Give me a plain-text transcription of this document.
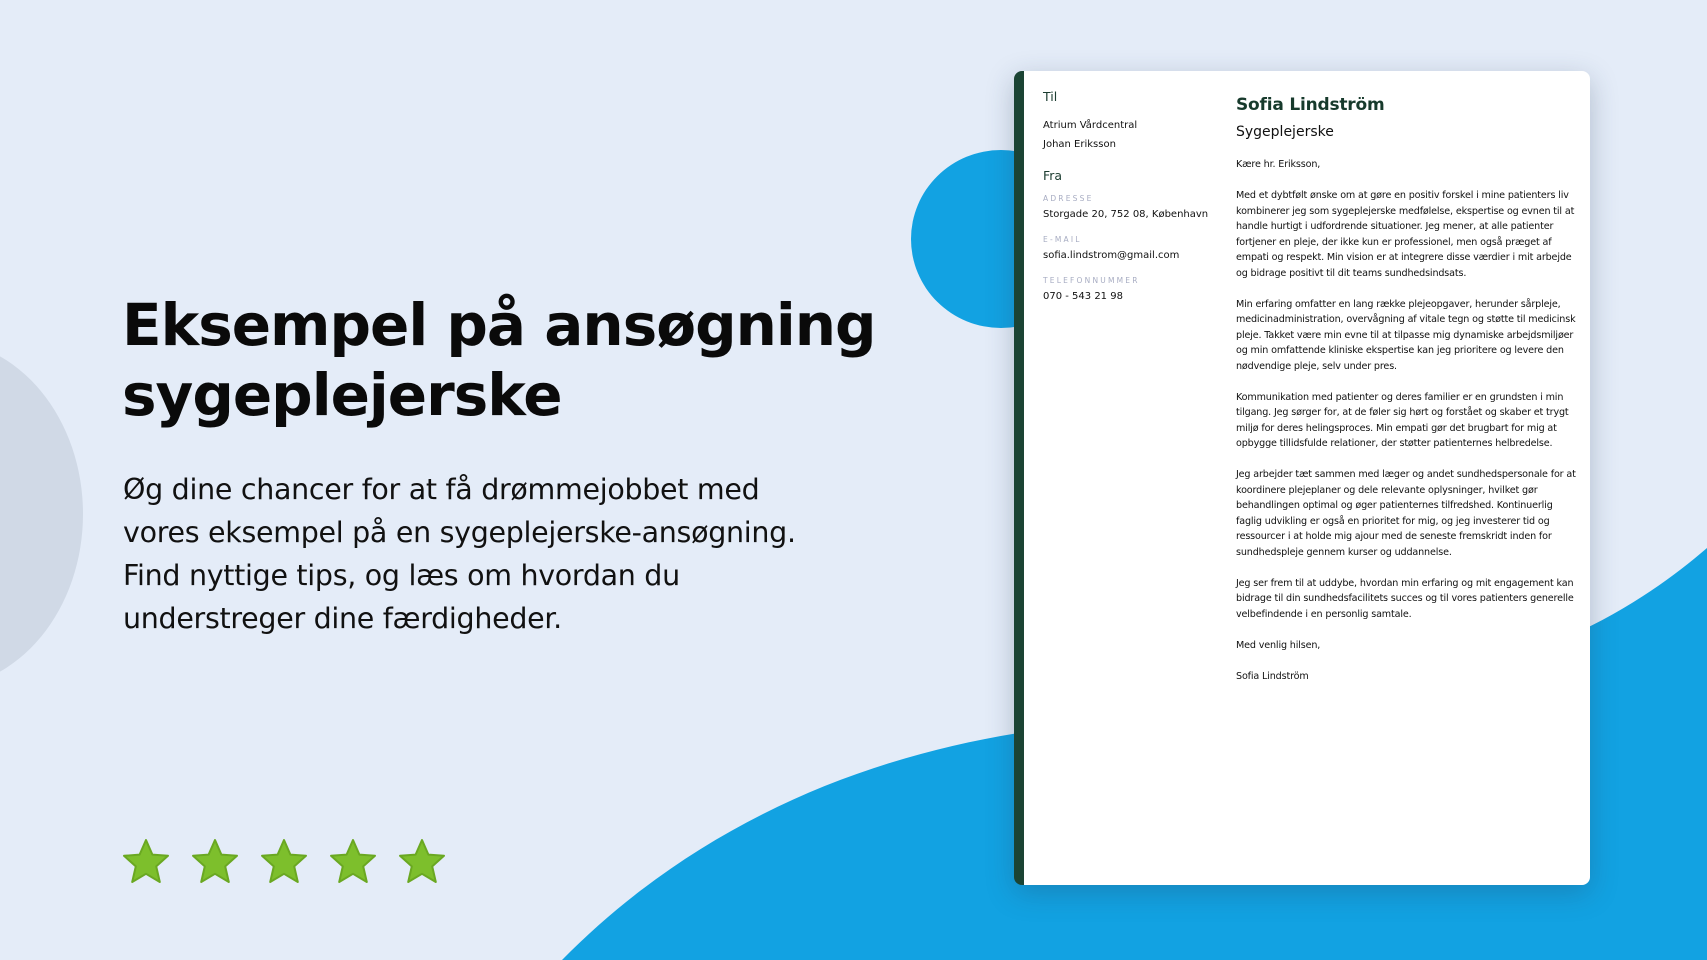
Eksempel på ansøgning
sygeplejerske
Øg dine chancer for at få drømmejobbet med
vores eksempel på en sygeplejerske-ansøgning.
Find nyttige tips, og læs om hvordan du
understreger dine færdigheder.
Til
Atrium Vårdcentral
Johan Eriksson
Fra
ADRESSE
Storgade 20, 752 08, København
E-MAIL
sofia.lindstrom@gmail.com
TELEFONNUMMER
070 - 543 21 98
Sofia Lindström
Sygeplejerske

Kære hr. Eriksson,

Med et dybtfølt ønske om at gøre en positiv forskel i mine patienters liv kombinerer jeg som sygeplejerske medfølelse, ekspertise og evnen til at handle hurtigt i udfordrende situationer. Jeg mener, at alle patienter fortjener en pleje, der ikke kun er professionel, men også præget af empati og respekt. Min vision er at integrere disse værdier i mit arbejde og bidrage positivt til dit teams sundhedsindsats.

Min erfaring omfatter en lang række plejeopgaver, herunder sårpleje, medicinadministration, overvågning af vitale tegn og støtte til medicinsk pleje. Takket være min evne til at tilpasse mig dynamiske arbejdsmiljøer og min omfattende kliniske ekspertise kan jeg prioritere og levere den nødvendige pleje, selv under pres.

Kommunikation med patienter og deres familier er en grundsten i min tilgang. Jeg sørger for, at de føler sig hørt og forstået og skaber et trygt miljø for deres helingsproces. Min empati gør det brugbart for mig at opbygge tillidsfulde relationer, der støtter patienternes helbredelse.

Jeg arbejder tæt sammen med læger og andet sundhedspersonale for at koordinere plejeplaner og dele relevante oplysninger, hvilket gør behandlingen optimal og øger patienternes tilfredshed. Kontinuerlig faglig udvikling er også en prioritet for mig, og jeg investerer tid og ressourcer i at holde mig ajour med de seneste fremskridt inden for sundhedspleje gennem kurser og uddannelse.

Jeg ser frem til at uddybe, hvordan min erfaring og mit engagement kan bidrage til din sundhedsfacilitets succes og til vores patienters generelle velbefindende i en personlig samtale.

Med venlig hilsen,

Sofia Lindström
